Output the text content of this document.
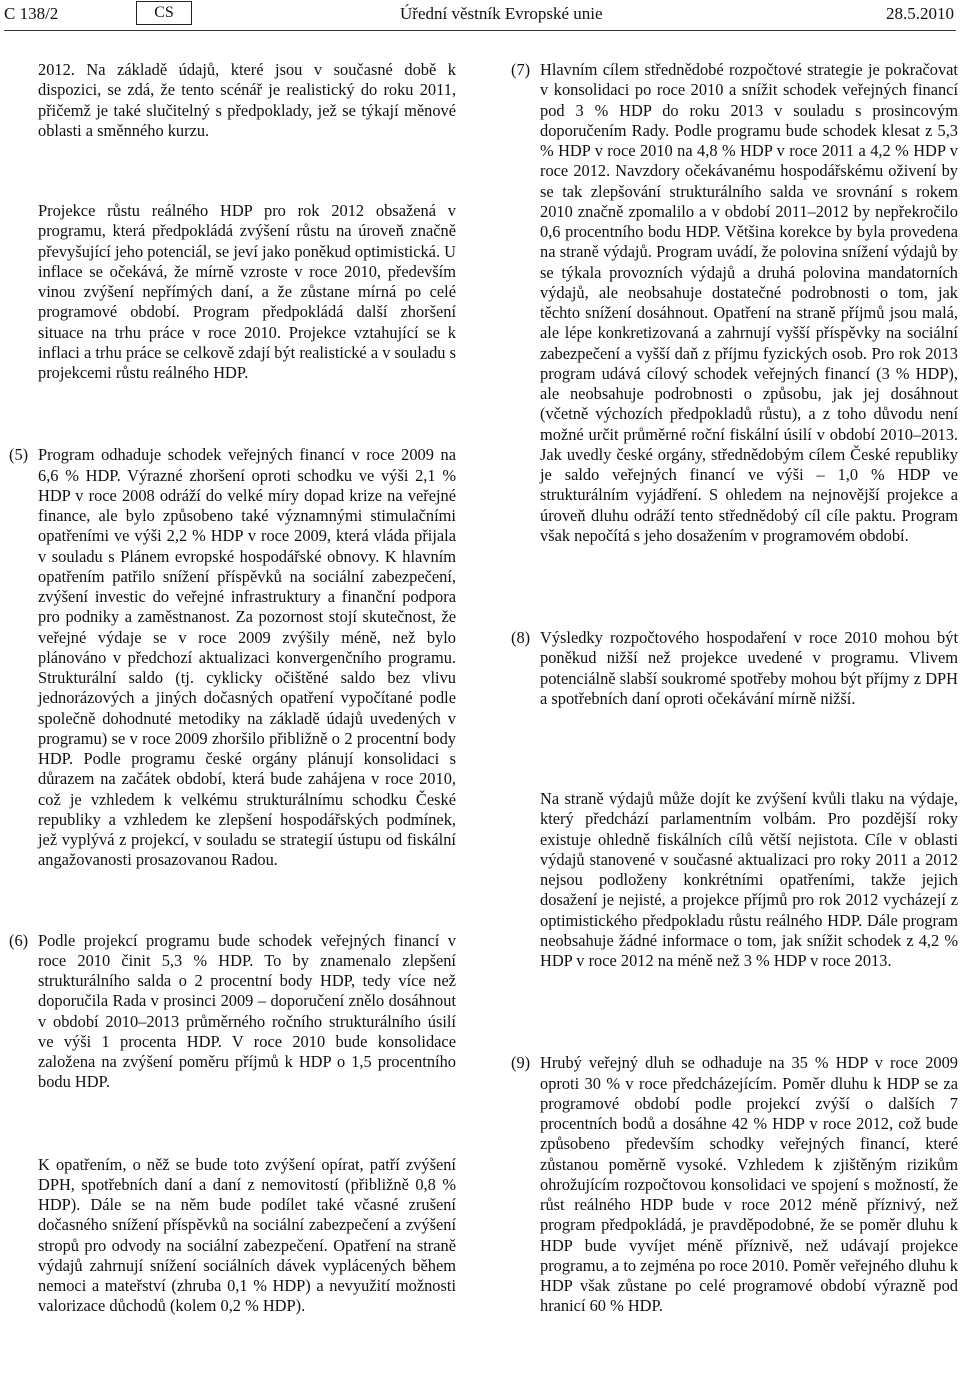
C 138/2	CS	Úřední věstník Evropské unie	28.5.2010

2012. Na základě údajů, které jsou v současné době k dispozici, se zdá, že tento scénář je realistický do roku 2011, přičemž je také slučitelný s předpoklady, jež se týkají měnové oblasti a směnného kurzu.

Projekce růstu reálného HDP pro rok 2012 obsažená v programu, která předpokládá zvýšení růstu na úroveň značně převyšující jeho potenciál, se jeví jako poněkud optimistická. U inflace se očekává, že mírně vzroste v roce 2010, především vinou zvýšení nepřímých daní, a že zůstane mírná po celé programové období. Program předpokládá další zhoršení situace na trhu práce v roce 2010. Projekce vztahující se k inflaci a trhu práce se celkově zdají být realistické a v souladu s projekcemi růstu reálného HDP.

(5) Program odhaduje schodek veřejných financí v roce 2009 na 6,6 % HDP. Výrazné zhoršení oproti schodku ve výši 2,1 % HDP v roce 2008 odráží do velké míry dopad krize na veřejné finance, ale bylo způsobeno také významnými stimulačními opatřeními ve výši 2,2 % HDP v roce 2009, která vláda přijala v souladu s Plánem evropské hospodářské obnovy. K hlavním opatřením patřilo snížení příspěvků na sociální zabezpečení, zvýšení investic do veřejné infrastruktury a finanční podpora pro podniky a zaměstnanost. Za pozornost stojí skutečnost, že veřejné výdaje se v roce 2009 zvýšily méně, než bylo plánováno v předchozí aktualizaci konvergenčního programu. Strukturální saldo (tj. cyklicky očištěné saldo bez vlivu jednorázových a jiných dočasných opatření vypočítané podle společně dohodnuté metodiky na základě údajů uvedených v programu) se v roce 2009 zhoršilo přibližně o 2 procentní body HDP. Podle programu české orgány plánují konsolidaci s důrazem na začátek období, která bude zahájena v roce 2010, což je vzhledem k velkému strukturálnímu schodku České republiky a vzhledem ke zlepšení hospodářských podmínek, jež vyplývá z projekcí, v souladu se strategií ústupu od fiskální angažovanosti prosazovanou Radou.

(6) Podle projekcí programu bude schodek veřejných financí v roce 2010 činit 5,3 % HDP. To by znamenalo zlepšení strukturálního salda o 2 procentní body HDP, tedy více než doporučila Rada v prosinci 2009 – doporučení znělo dosáhnout v období 2010–2013 průměrného ročního strukturálního úsilí ve výši 1 procenta HDP. V roce 2010 bude konsolidace založena na zvýšení poměru příjmů k HDP o 1,5 procentního bodu HDP.

K opatřením, o něž se bude toto zvýšení opírat, patří zvýšení DPH, spotřebních daní a daní z nemovitostí (přibližně 0,8 % HDP). Dále se na něm bude podílet také včasné zrušení dočasného snížení příspěvků na sociální zabezpečení a zvýšení stropů pro odvody na sociální zabezpečení. Opatření na straně výdajů zahrnují snížení sociálních dávek vyplácených během nemoci a mateřství (zhruba 0,1 % HDP) a nevyužití možnosti valorizace důchodů (kolem 0,2 % HDP).

(7) Hlavním cílem střednědobé rozpočtové strategie je pokračovat v konsolidaci po roce 2010 a snížit schodek veřejných financí pod 3 % HDP do roku 2013 v souladu s prosincovým doporučením Rady. Podle programu bude schodek klesat z 5,3 % HDP v roce 2010 na 4,8 % HDP v roce 2011 a 4,2 % HDP v roce 2012. Navzdory očekávanému hospodářskému oživení by se tak zlepšování strukturálního salda ve srovnání s rokem 2010 značně zpomalilo a v období 2011–2012 by nepřekročilo 0,6 procentního bodu HDP. Většina korekce by byla provedena na straně výdajů. Program uvádí, že polovina snížení výdajů by se týkala provozních výdajů a druhá polovina mandatorních výdajů, ale neobsahuje dostatečné podrobnosti o tom, jak těchto snížení dosáhnout. Opatření na straně příjmů jsou malá, ale lépe konkretizovaná a zahrnují vyšší příspěvky na sociální zabezpečení a vyšší daň z příjmu fyzických osob. Pro rok 2013 program udává cílový schodek veřejných financí (3 % HDP), ale neobsahuje podrobnosti o způsobu, jak jej dosáhnout (včetně výchozích předpokladů růstu), a z toho důvodu není možné určit průměrné roční fiskální úsilí v období 2010–2013. Jak uvedly české orgány, střednědobým cílem České republiky je saldo veřejných financí ve výši – 1,0 % HDP ve strukturálním vyjádření. S ohledem na nejnovější projekce a úroveň dluhu odráží tento střednědobý cíl cíle paktu. Program však nepočítá s jeho dosažením v programovém období.

(8) Výsledky rozpočtového hospodaření v roce 2010 mohou být poněkud nižší než projekce uvedené v programu. Vlivem potenciálně slabší soukromé spotřeby mohou být příjmy z DPH a spotřebních daní oproti očekávání mírně nižší.

Na straně výdajů může dojít ke zvýšení kvůli tlaku na výdaje, který předchází parlamentním volbám. Pro pozdější roky existuje ohledně fiskálních cílů větší nejistota. Cíle v oblasti výdajů stanovené v současné aktualizaci pro roky 2011 a 2012 nejsou podloženy konkrétními opatřeními, takže jejich dosažení je nejisté, a projekce příjmů pro rok 2012 vycházejí z optimistického předpokladu růstu reálného HDP. Dále program neobsahuje žádné informace o tom, jak snížit schodek z 4,2 % HDP v roce 2012 na méně než 3 % HDP v roce 2013.

(9) Hrubý veřejný dluh se odhaduje na 35 % HDP v roce 2009 oproti 30 % v roce předcházejícím. Poměr dluhu k HDP se za programové období podle projekcí zvýší o dalších 7 procentních bodů a dosáhne 42 % HDP v roce 2012, což bude způsobeno především schodky veřejných financí, které zůstanou poměrně vysoké. Vzhledem k zjištěným rizikům ohrožujícím rozpočtovou konsolidaci ve spojení s možností, že růst reálného HDP bude v roce 2012 méně příznivý, než program předpokládá, je pravděpodobné, že se poměr dluhu k HDP bude vyvíjet méně příznivě, než udávají projekce programu, a to zejména po roce 2010. Poměr veřejného dluhu k HDP však zůstane po celé programové období výrazně pod hranicí 60 % HDP.
